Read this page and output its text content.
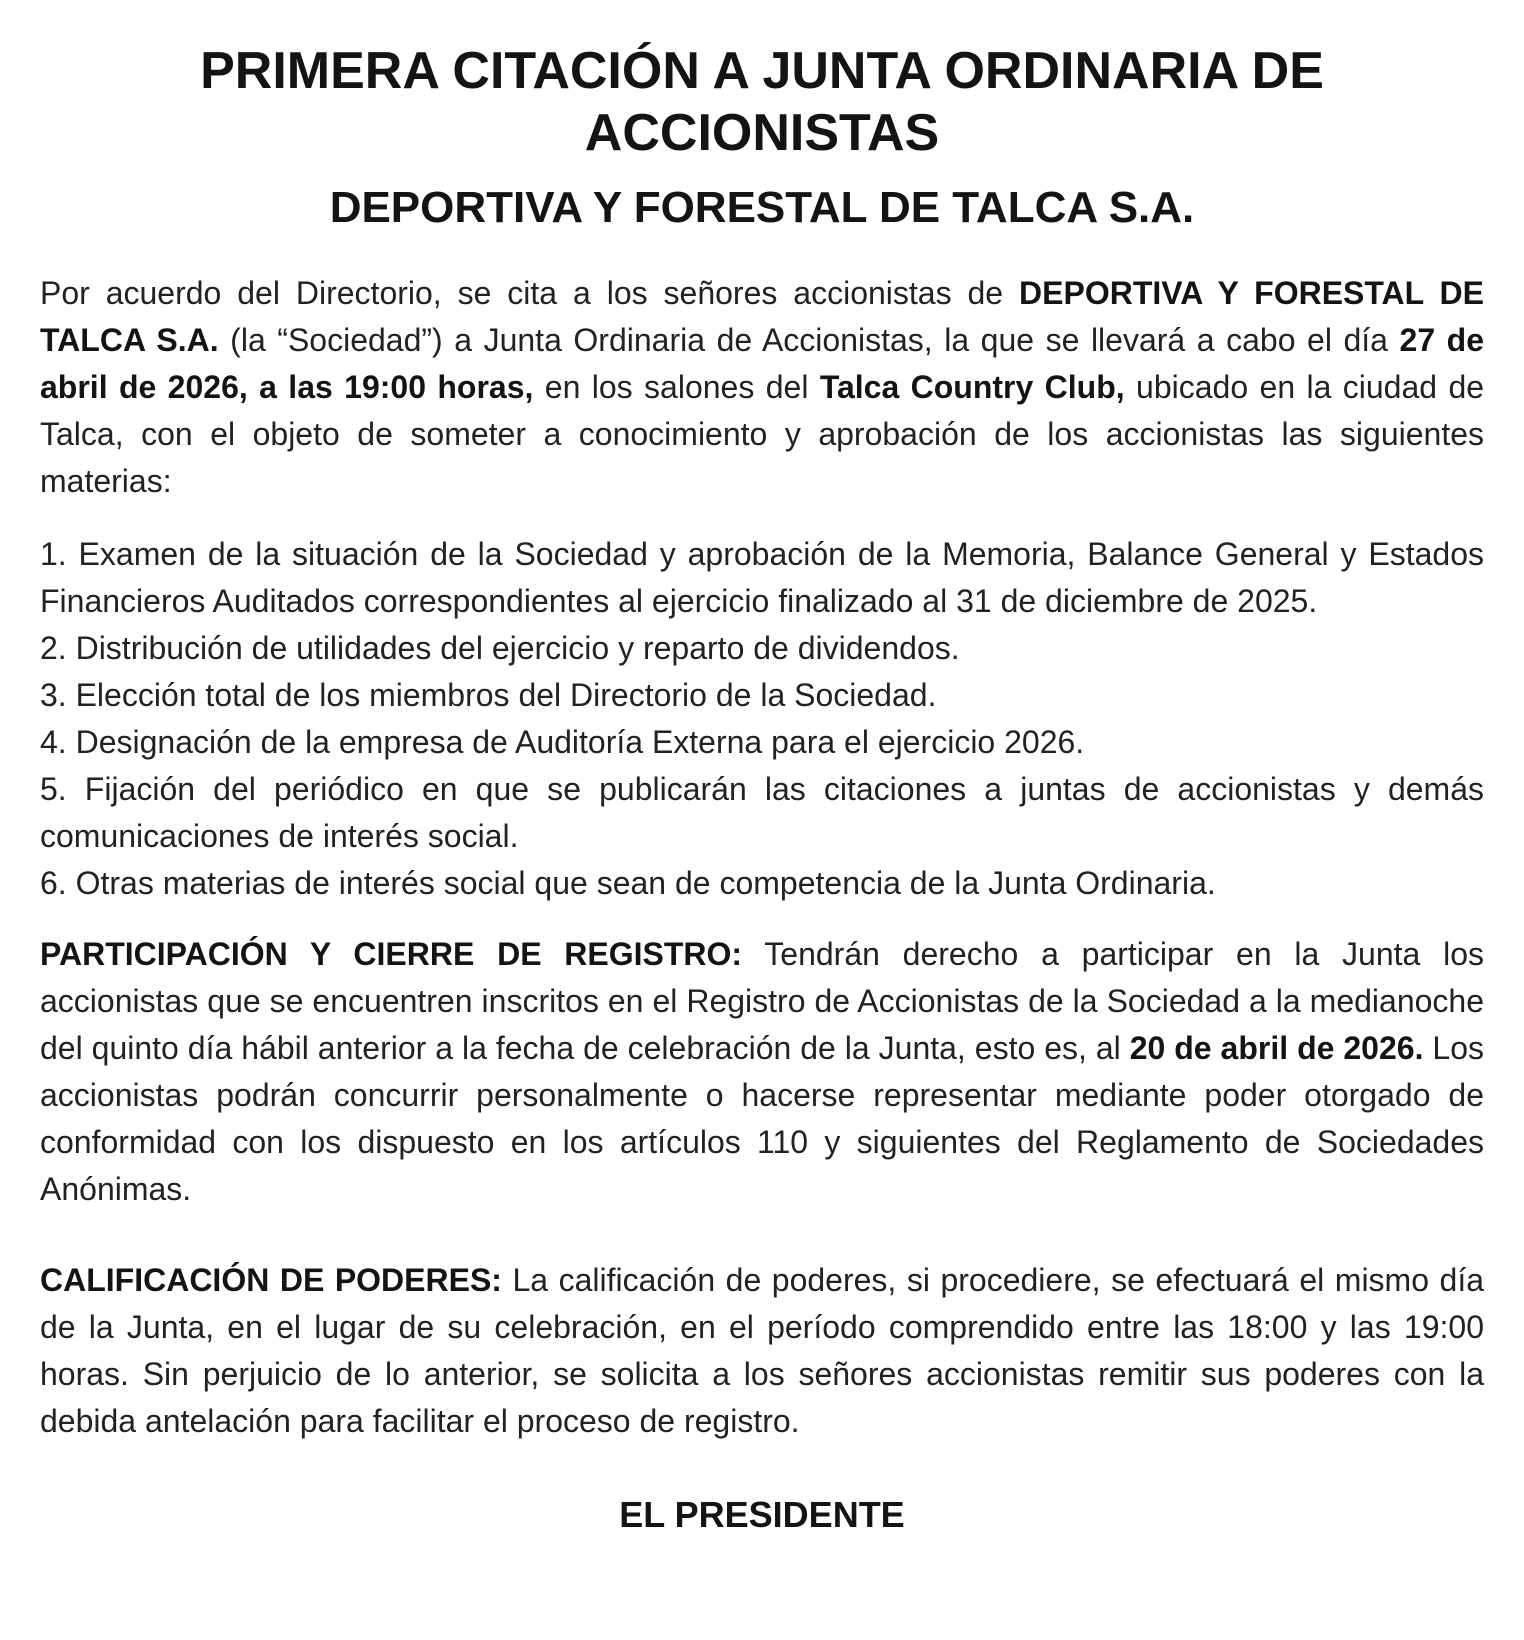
PRIMERA CITACIÓN A JUNTA ORDINARIA DE ACCIONISTAS
DEPORTIVA Y FORESTAL DE TALCA S.A.

Por acuerdo del Directorio, se cita a los señores accionistas de DEPORTIVA Y FORESTAL DE TALCA S.A. (la “Sociedad”) a Junta Ordinaria de Accionistas, la que se llevará a cabo el día 27 de abril de 2026, a las 19:00 horas, en los salones del Talca Country Club, ubicado en la ciudad de Talca, con el objeto de someter a conocimiento y aprobación de los accionistas las siguientes materias:

1. Examen de la situación de la Sociedad y aprobación de la Memoria, Balance General y Estados Financieros Auditados correspondientes al ejercicio finalizado al 31 de diciembre de 2025.

2. Distribución de utilidades del ejercicio y reparto de dividendos.

3. Elección total de los miembros del Directorio de la Sociedad.

4. Designación de la empresa de Auditoría Externa para el ejercicio 2026.

5. Fijación del periódico en que se publicarán las citaciones a juntas de accionistas y demás comunicaciones de interés social.

6. Otras materias de interés social que sean de competencia de la Junta Ordinaria.

PARTICIPACIÓN Y CIERRE DE REGISTRO: Tendrán derecho a participar en la Junta los accionistas que se encuentren inscritos en el Registro de Accionistas de la Sociedad a la medianoche del quinto día hábil anterior a la fecha de celebración de la Junta, esto es, al 20 de abril de 2026. Los accionistas podrán concurrir personalmente o hacerse representar mediante poder otorgado de conformidad con los dispuesto en los artículos 110 y siguientes del Reglamento de Sociedades Anónimas.

CALIFICACIÓN DE PODERES: La calificación de poderes, si procediere, se efectuará el mismo día de la Junta, en el lugar de su celebración, en el período comprendido entre las 18:00 y las 19:00 horas. Sin perjuicio de lo anterior, se solicita a los señores accionistas remitir sus poderes con la debida antelación para facilitar el proceso de registro.

EL PRESIDENTE
